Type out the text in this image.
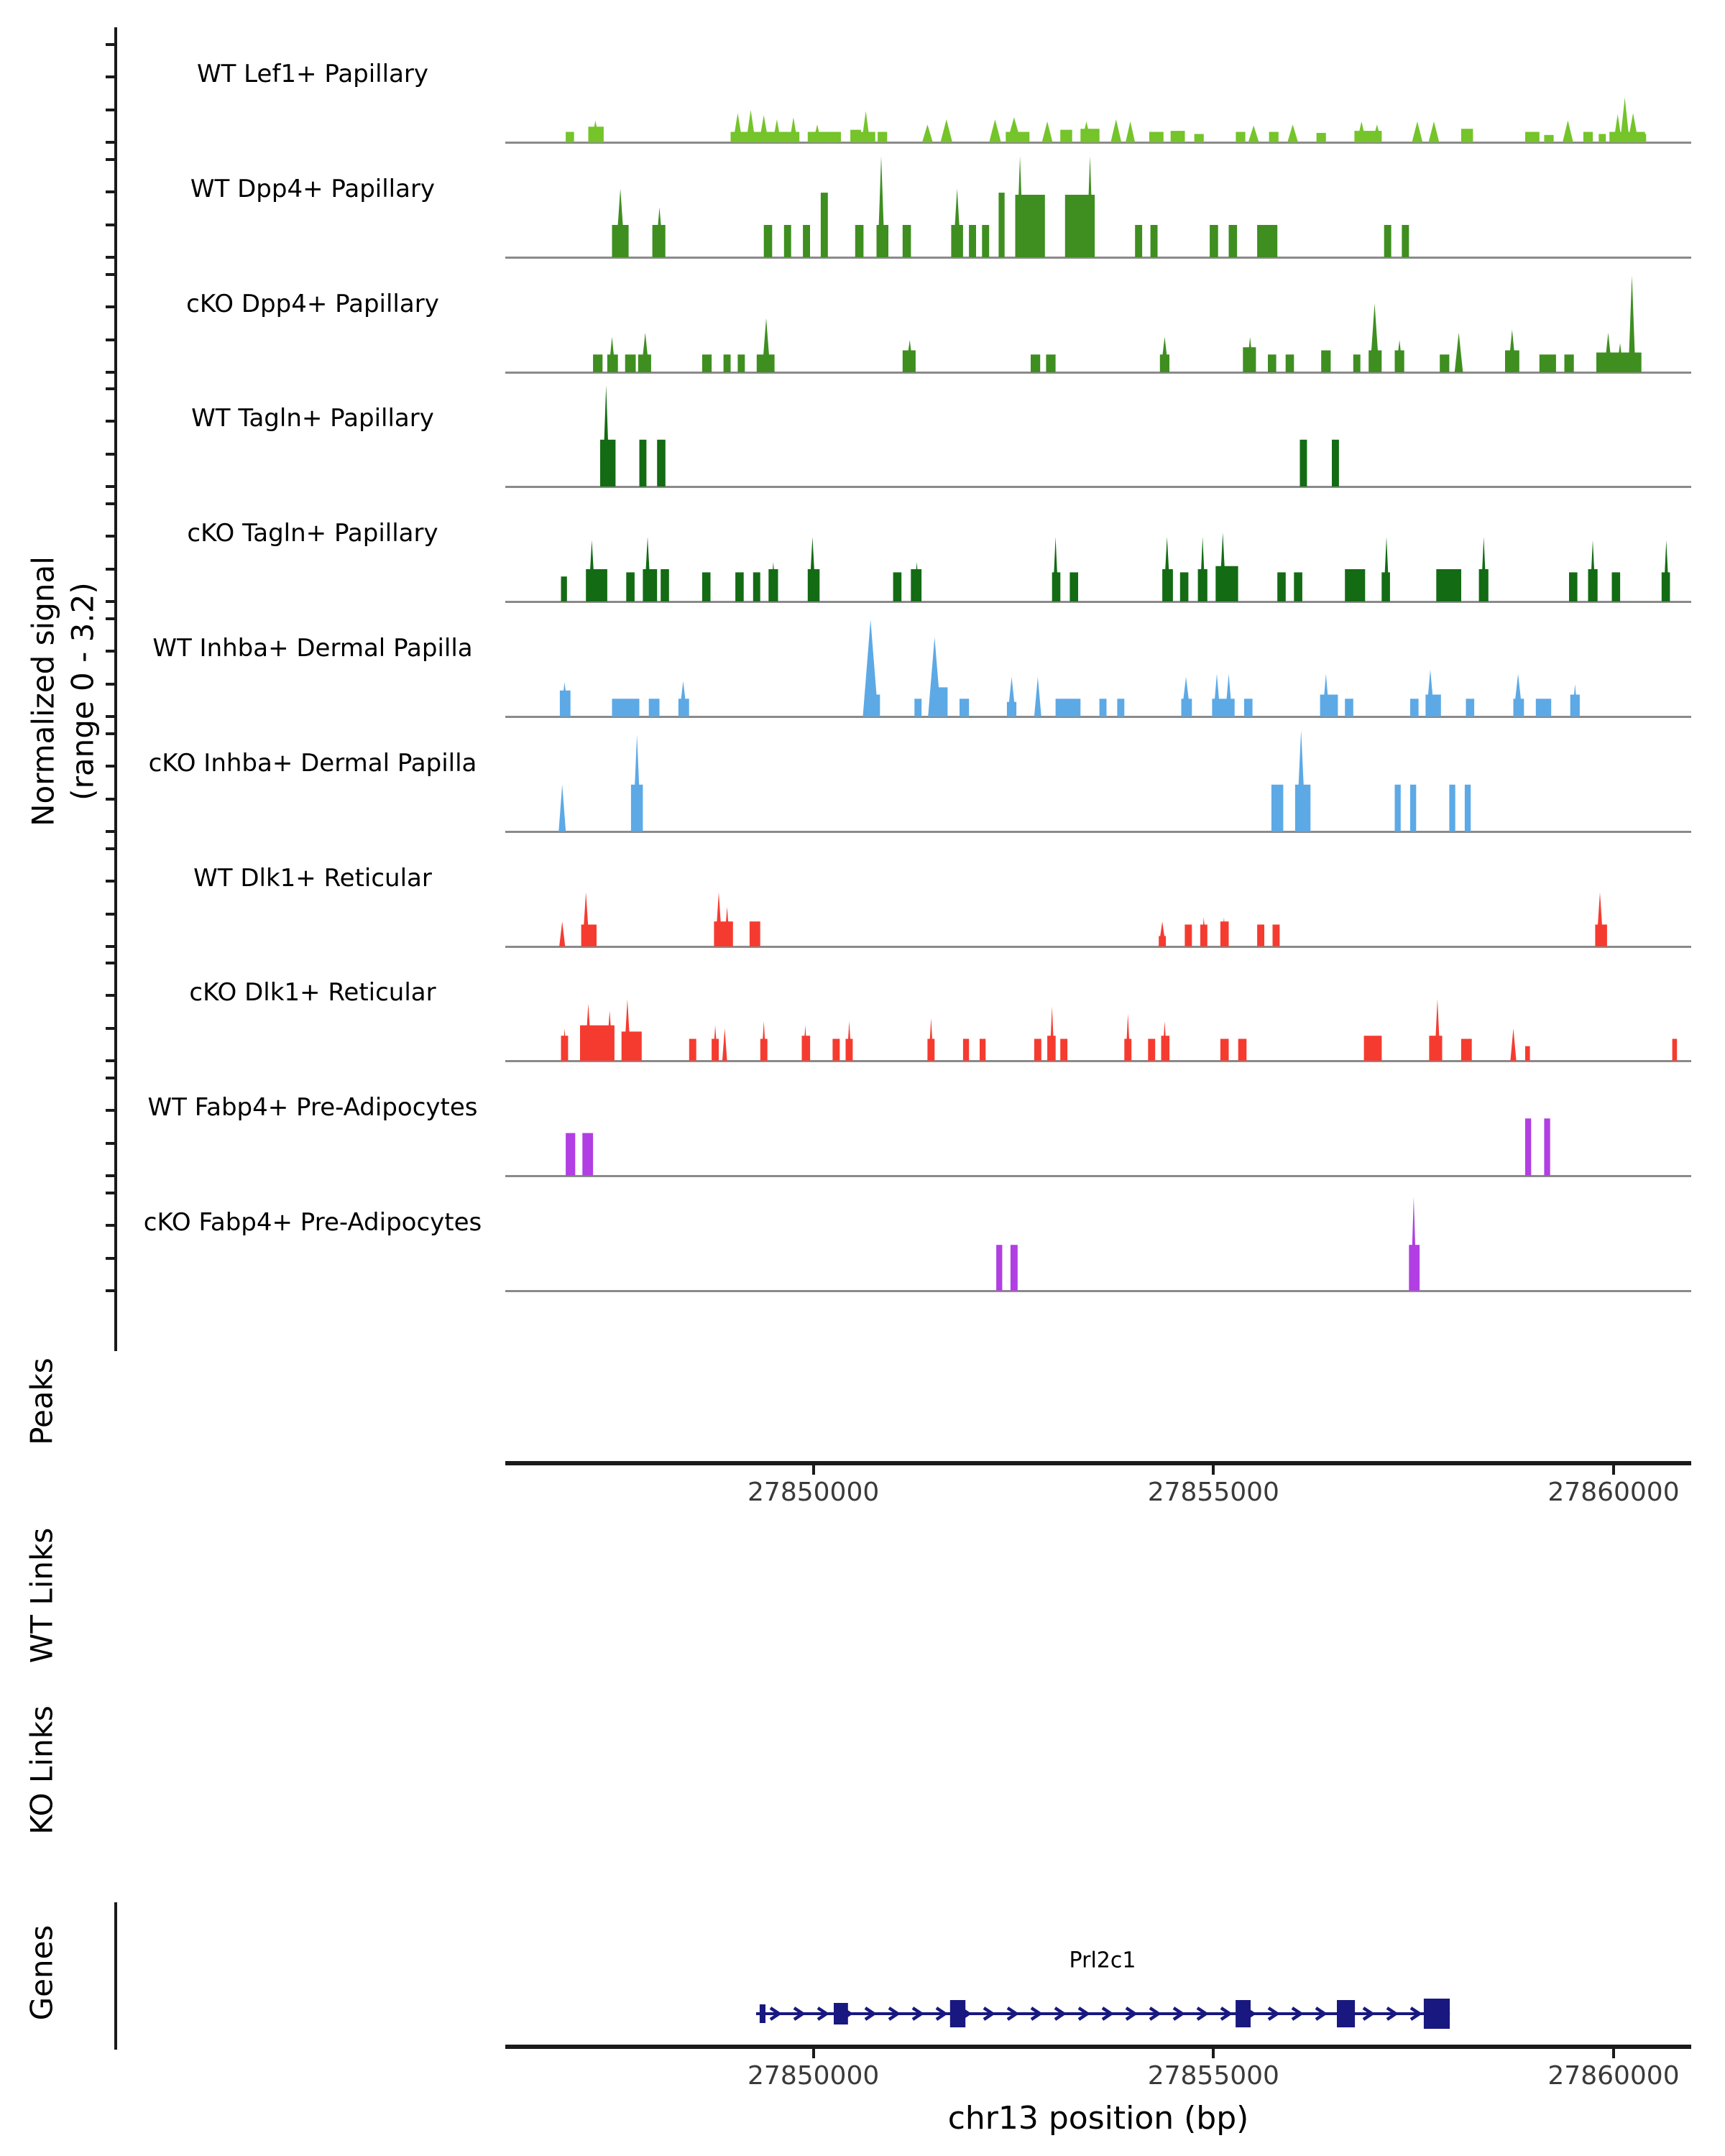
Normalized signal (range 0 - 3.2)
Peaks
WT Links
KO Links
Genes
WT Lef1+ Papillary
WT Dpp4+ Papillary
cKO Dpp4+ Papillary
WT Tagln+ Papillary
cKO Tagln+ Papillary
WT Inhba+ Dermal Papilla
cKO Inhba+ Dermal Papilla
WT Dlk1+ Reticular
cKO Dlk1+ Reticular
WT Fabp4+ Pre-Adipocytes
cKO Fabp4+ Pre-Adipocytes
27850000	27855000	27860000
27850000	27855000	27860000
Prl2c1
chr13 position (bp)
